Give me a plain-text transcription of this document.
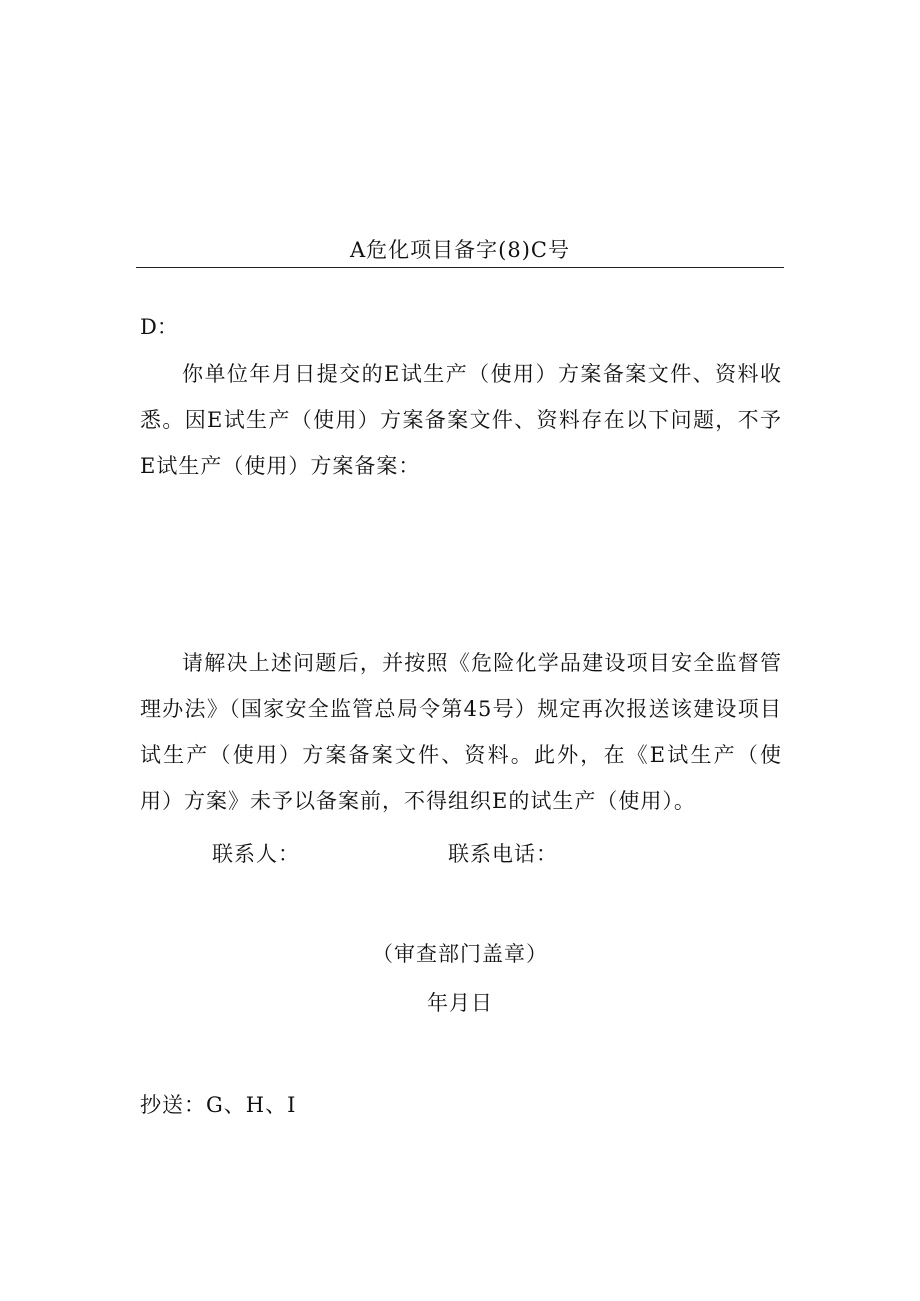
A危化项目备字(8)C号
D：

你单位年月日提交的E试生产（使用）方案备案文件、资料收悉。因E试生产（使用）方案备案文件、资料存在以下问题，不予E试生产（使用）方案备案：

请解决上述问题后，并按照《危险化学品建设项目安全监督管理办法》（国家安全监管总局令第45号）规定再次报送该建设项目试生产（使用）方案备案文件、资料。此外，在《E试生产（使用）方案》未予以备案前，不得组织E的试生产（使用）。

联系人：	联系电话：
（审查部门盖章）
年月日
抄送：G、H、I
